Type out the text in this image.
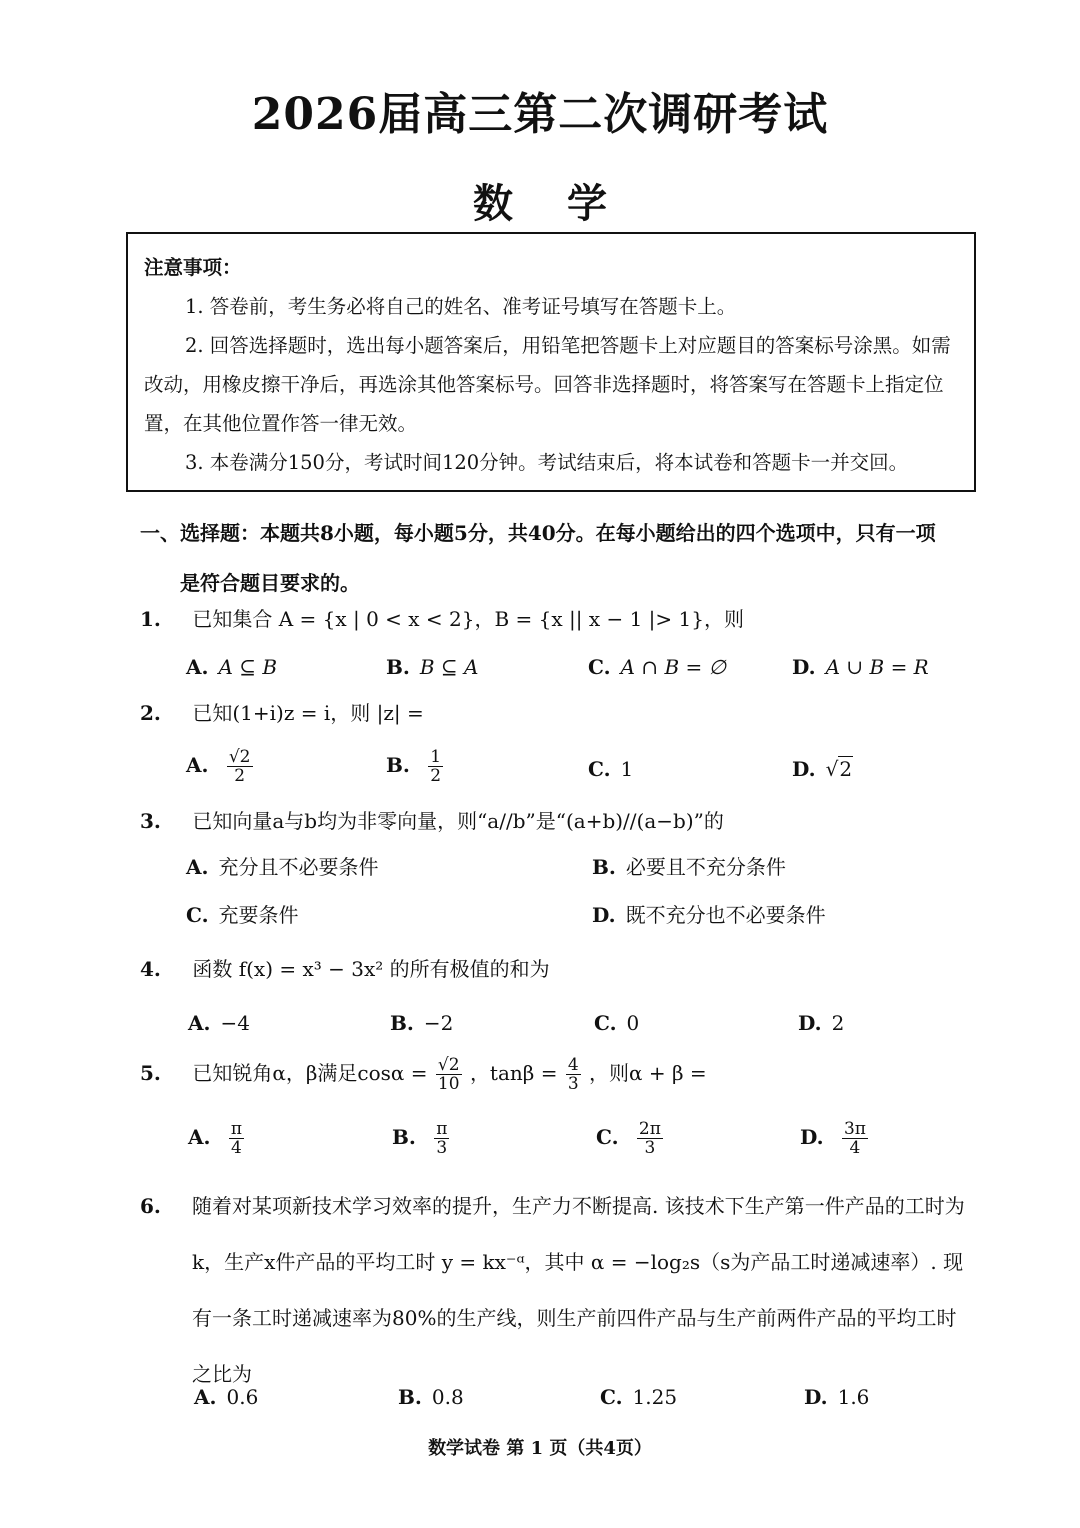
2026届高三第二次调研考试
数 学
注意事项：
1. 答卷前，考生务必将自己的姓名、准考证号填写在答题卡上。
2. 回答选择题时，选出每小题答案后，用铅笔把答题卡上对应题目的答案标号涂黑。如需改动，用橡皮擦干净后，再选涂其他答案标号。回答非选择题时，将答案写在答题卡上指定位置，在其他位置作答一律无效。
3. 本卷满分150分，考试时间120分钟。考试结束后，将本试卷和答题卡一并交回。
一、选择题：本题共8小题，每小题5分，共40分。在每小题给出的四个选项中，只有一项
是符合题目要求的。
1. 已知集合 A = {x | 0 < x < 2}，B = {x || x − 1 |> 1}，则
A. A ⊆ B	B. B ⊆ A	C. A ∩ B = ∅	D. A ∪ B = R
2. 已知(1+i)z = i，则 |z| =
A. $\frac{√2}{2}$	B. $\frac{1}{2}$	C. 1	D. √2
3. 已知向量a与b均为非零向量，则“a//b”是“(a+b)//(a−b)”的
A. 充分且不必要条件	B. 必要且不充分条件
C. 充要条件	D. 既不充分也不必要条件
4. 函数 f(x) = x³ − 3x² 的所有极值的和为
A. −4	B. −2	C. 0	D. 2
5. 已知锐角α，β满足$\cos\alpha = \frac{√2}{10}$ ，$\tan\beta = \frac{4}{3}$ ，则α + β =
A. $\frac{\pi}{4}$	B. $\frac{\pi}{3}$	C. $\frac{2\pi}{3}$	D. $\frac{3\pi}{4}$
6. 随着对某项新技术学习效率的提升，生产力不断提高. 该技术下生产第一件产品的工时为k，生产x件产品的平均工时 y = kx⁻ᵅ，其中 α = −log₂s（s为产品工时递减速率）. 现有一条工时递减速率为80%的生产线，则生产前四件产品与生产前两件产品的平均工时之比为
A. 0.6	B. 0.8	C. 1.25	D. 1.6
数学试卷 第 1 页（共4页）
